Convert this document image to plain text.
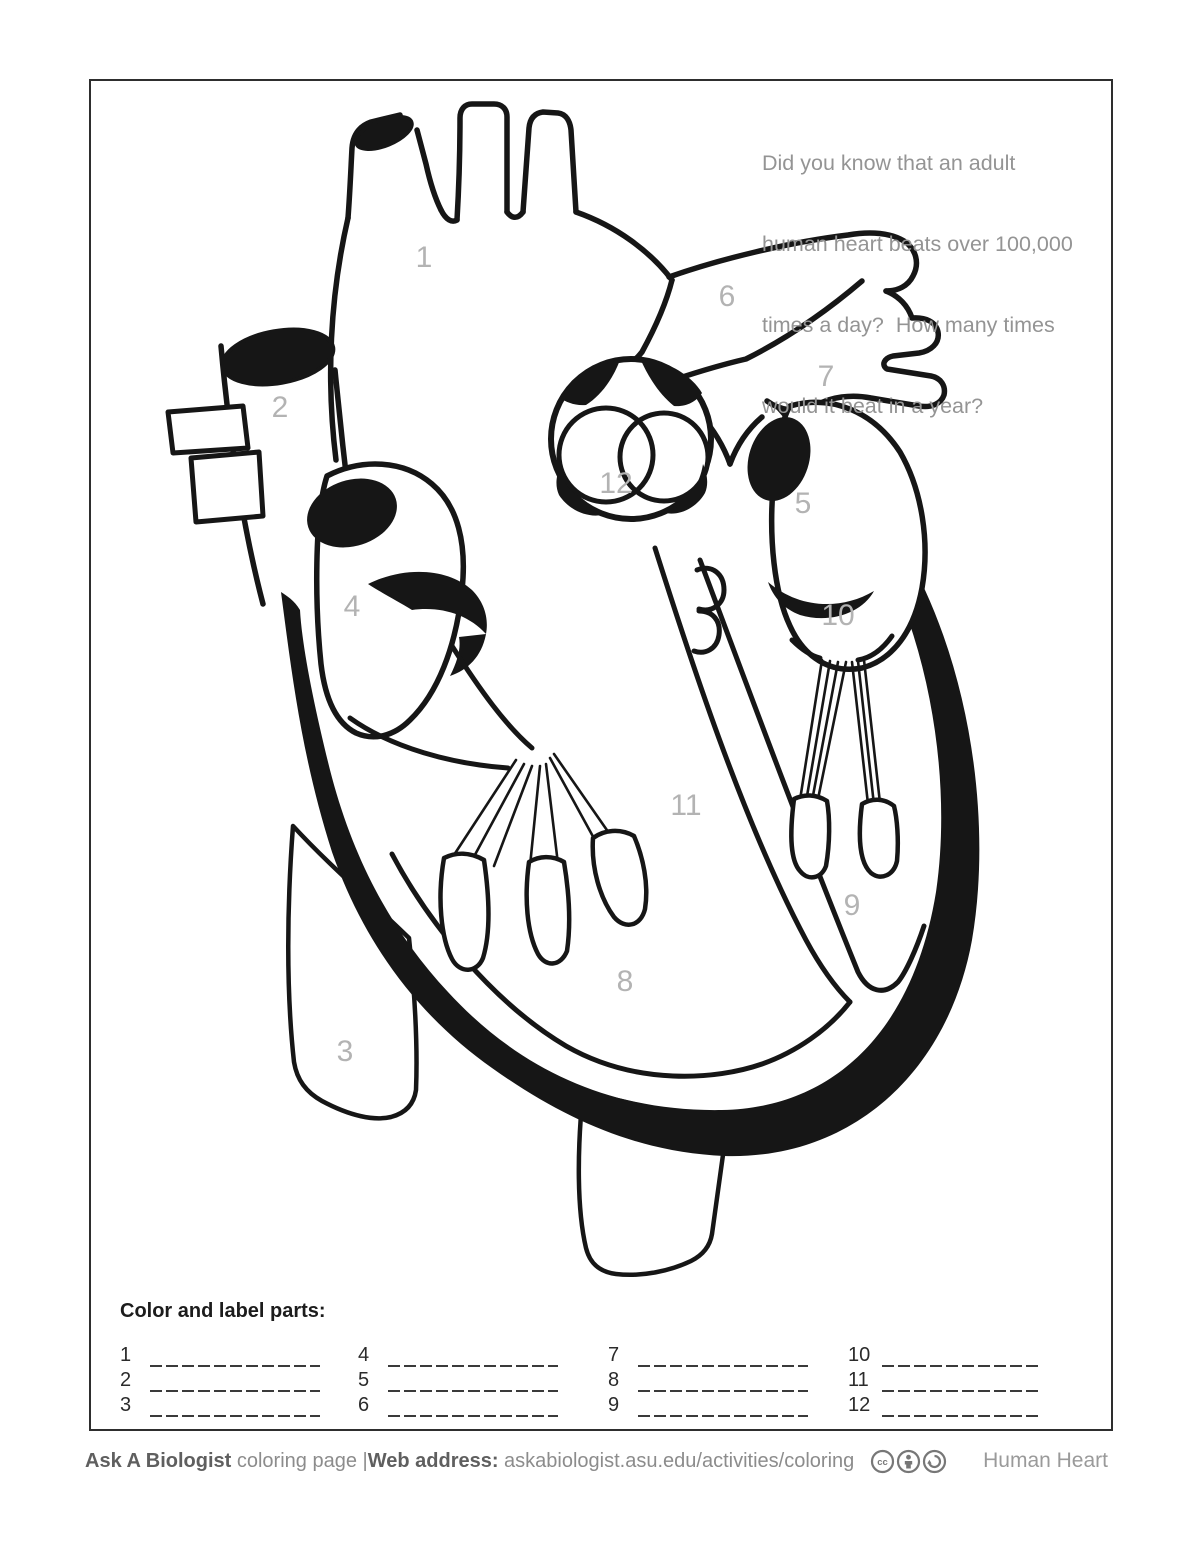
Did you know that an adult

human heart beats over 100,000

times a day?  How many times

would it beat in a year?

1
2
3
4
5
6
7
8
9
10
11
12
Color and label parts:
1
2
3
4
5
6
7
8
9
10
11
12
Ask A Biologist coloring page | Web address: askabiologist.asu.edu/activities/coloring cc	Human Heart
